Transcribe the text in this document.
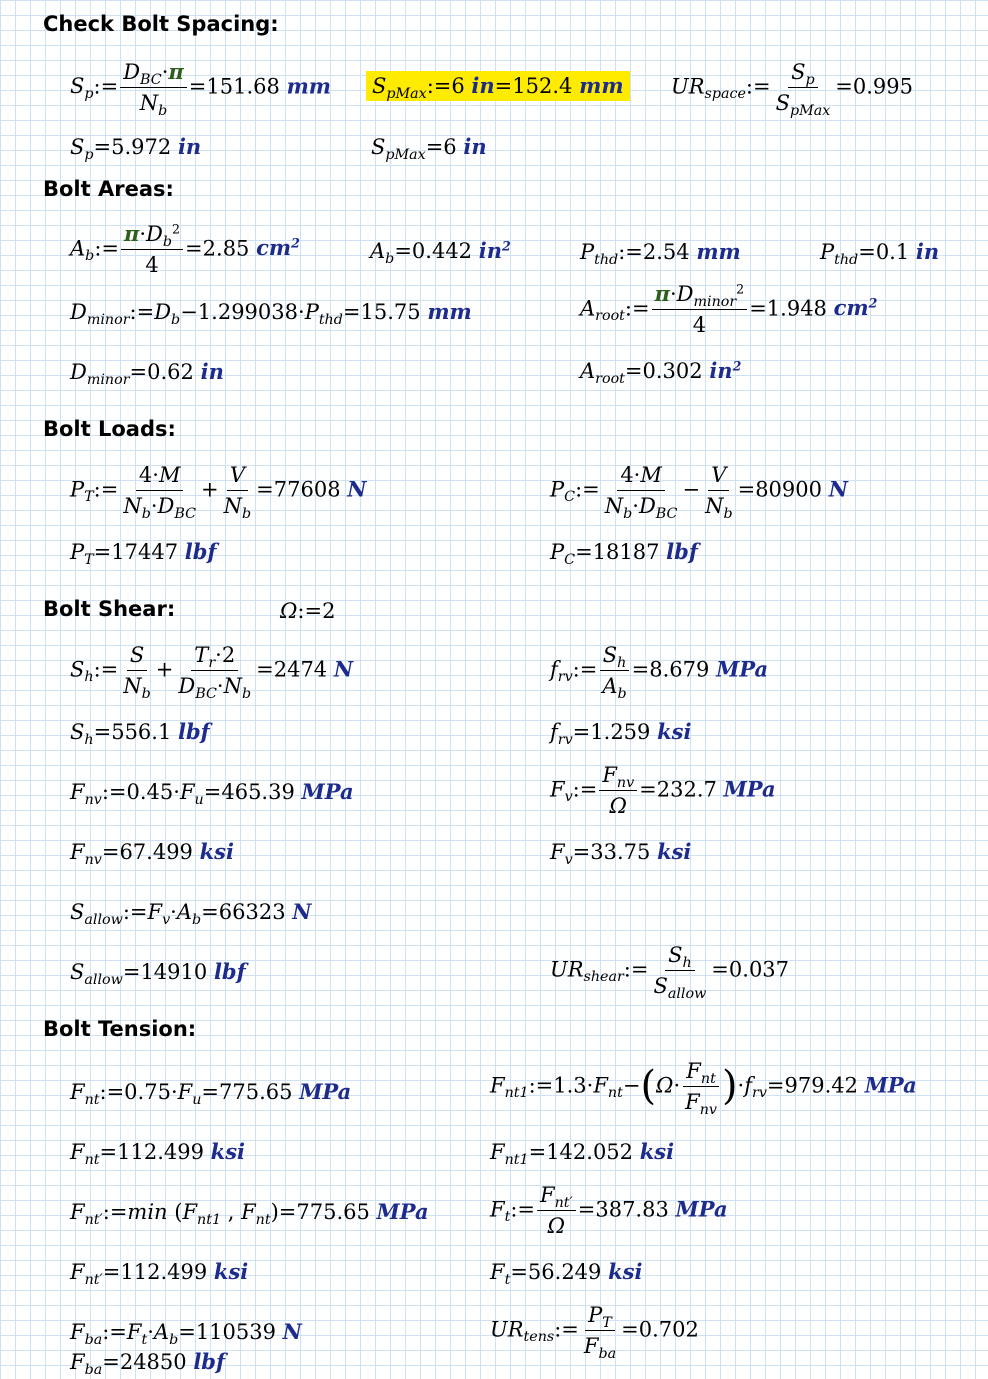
Check Bolt Spacing:
Bolt Areas:
Bolt Loads:
Bolt Shear:
Bolt Tension:
$S_p:= \frac{D_{BC}\cdot\pi}{N_b} =151.68$ mm $S_{pMax}:=6$ in=152.4 mm $UR_{space}:= \frac{S_p}{S_{pMax}} =0.995$
$S_p=5.972$ in	$S_{pMax}=6$ in
$A_b:= \frac{\pi\cdot D_b^2}{4} =2.85$ $cm^2$	$A_b=0.442$ $in^2$	$P_{thd}:=2.54$ mm	$P_{thd}=0.1$ in
$D_{minor}:=D_b-1.299038\cdot P_{thd}=15.75$ mm	$A_{root}:= \frac{\pi\cdot D_{minor}^2}{4} =1.948$ $cm^2$
$D_{minor}=0.62$ in	$A_{root}=0.302$ $in^2$
$P_T:= \frac{4\cdot M}{N_b\cdot D_{BC}} + \frac{V}{N_b} =77608$ N	$P_C:= \frac{4\cdot M}{N_b\cdot D_{BC}} - \frac{V}{N_b} =80900$ N
$P_T=17447$ lbf	$P_C=18187$ lbf
Ω:=2
$S_h:= \frac{S}{N_b} + \frac{T_r\cdot 2}{D_{BC}\cdot N_b} =2474$ N	$f_{rv}:= \frac{S_h}{A_b} =8.679$ MPa
$S_h=556.1$ lbf	$f_{rv}=1.259$ ksi
$F_{nv}:=0.45\cdot F_u=465.39$ MPa	$F_v:= \frac{F_{nv}}{\Omega} =232.7$ MPa
$F_{nv}=67.499$ ksi	$F_v=33.75$ ksi
$S_{allow}:=F_v\cdot A_b=66323$ N
$S_{allow}=14910$ lbf	$UR_{shear}:= \frac{S_h}{S_{allow}} =0.037$
$F_{nt}:=0.75\cdot F_u=775.65$ MPa	$F_{nt1}:=1.3\cdot F_{nt}-(\Omega\cdot \frac{F_{nt}}{F_{nv}} )\cdot f_{rv}=979.42$ MPa
$F_{nt}=112.499$ ksi	$F_{nt1}=142.052$ ksi
$F_{nt'}:=\min$ ($F_{nt1}$ , $F_{nt})=775.65$ MPa	$F_t:= \frac{F_{nt'}}{\Omega} =387.83$ MPa
$F_{nt'}=112.499$ ksi	$F_t=56.249$ ksi
$F_{ba}:=F_t\cdot A_b=110539$ N
$F_{ba}=24850$ lbf
$UR_{tens}:= \frac{P_T}{F_{ba}} =0.702$
